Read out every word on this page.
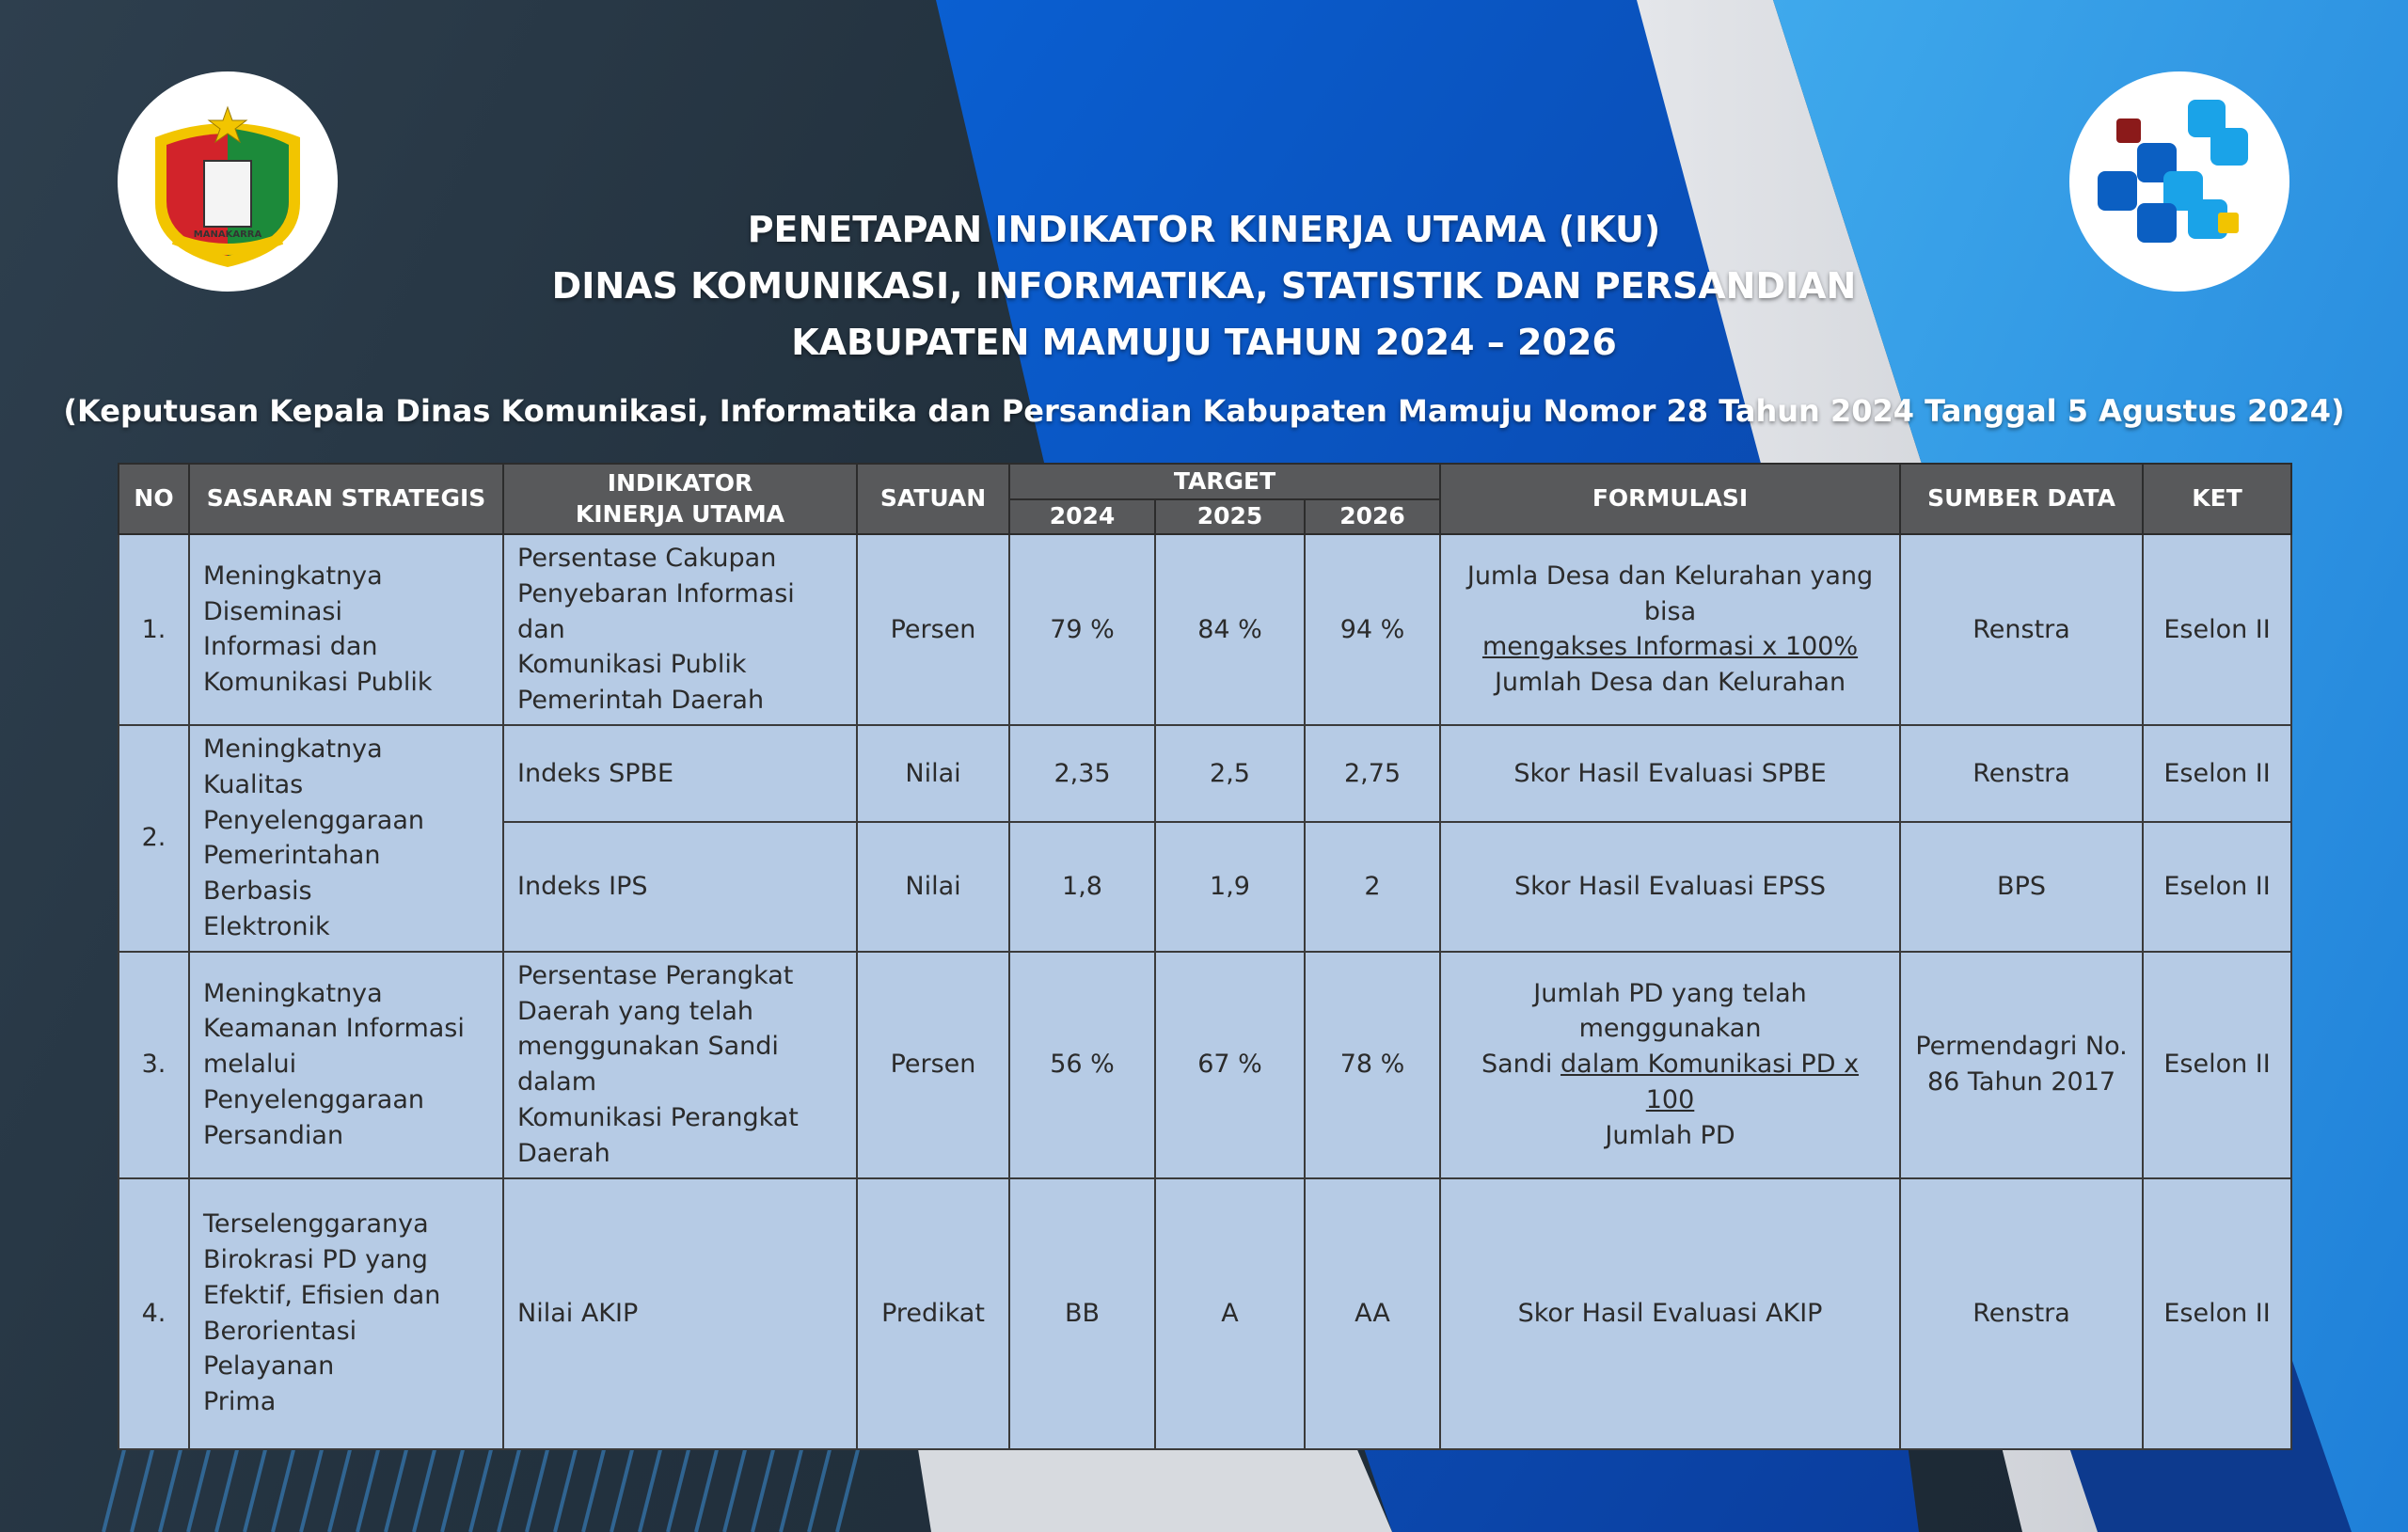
MANAKARRA	PENETAPAN INDIKATOR KINERJA UTAMA (IKU)
DINAS KOMUNIKASI, INFORMATIKA, STATISTIK DAN PERSANDIAN
KABUPATEN MAMUJU TAHUN 2024 – 2026
(Keputusan Kepala Dinas Komunikasi, Informatika dan Persandian Kabupaten Mamuju Nomor 28 Tahun 2024 Tanggal 5 Agustus 2024)
NO	SASARAN STRATEGIS	INDIKATOR
KINERJA UTAMA	SATUAN	TARGET			FORMULASI	SUMBER DATA	KET
				2024	2025	2026			
1.	Meningkatnya
Diseminasi
Informasi dan
Komunikasi Publik	Persentase Cakupan
Penyebaran Informasi dan
Komunikasi Publik
Pemerintah Daerah	Persen	79 %	84 %	94 %	Jumla Desa dan Kelurahan yang bisa
mengakses Informasi x 100%
Jumlah Desa dan Kelurahan	Renstra	Eselon II
2.	Meningkatnya Kualitas
Penyelenggaraan
Pemerintahan Berbasis
Elektronik	Indeks SPBE	Nilai	2,35	2,5	2,75	Skor Hasil Evaluasi SPBE	Renstra	Eselon II
		Indeks IPS	Nilai	1,8	1,9	2	Skor Hasil Evaluasi EPSS	BPS	Eselon II
3.	Meningkatnya
Keamanan Informasi
melalui
Penyelenggaraan
Persandian	Persentase Perangkat
Daerah yang telah
menggunakan Sandi dalam
Komunikasi Perangkat
Daerah	Persen	56 %	67 %	78 %	Jumlah PD yang telah menggunakan
Sandi dalam Komunikasi PD x 100
Jumlah PD	Permendagri No.
86 Tahun 2017	Eselon II
4.	Terselenggaranya
Birokrasi PD yang
Efektif, Efisien dan
Berorientasi Pelayanan
Prima	Nilai AKIP	Predikat	BB	A	AA	Skor Hasil Evaluasi AKIP	Renstra	Eselon II
